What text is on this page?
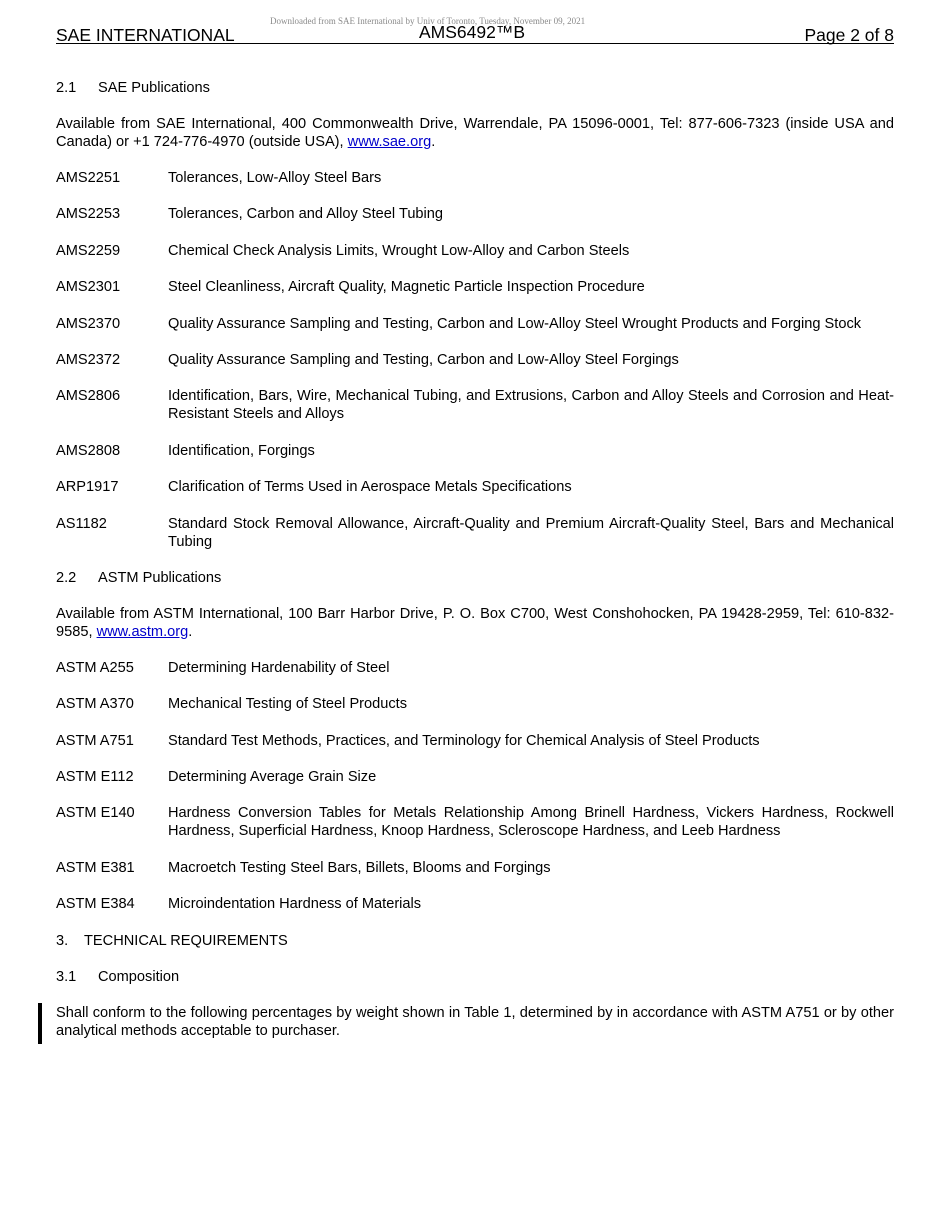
Downloaded from SAE International by Univ of Toronto, Tuesday, November 09, 2021
SAE INTERNATIONAL	AMS6492™B	Page 2 of 8
2.1 SAE Publications
Available from SAE International, 400 Commonwealth Drive, Warrendale, PA 15096-0001, Tel: 877-606-7323 (inside USA and Canada) or +1 724-776-4970 (outside USA), www.sae.org.
AMS2251	Tolerances, Low-Alloy Steel Bars
AMS2253	Tolerances, Carbon and Alloy Steel Tubing
AMS2259	Chemical Check Analysis Limits, Wrought Low-Alloy and Carbon Steels
AMS2301	Steel Cleanliness, Aircraft Quality, Magnetic Particle Inspection Procedure
AMS2370	Quality Assurance Sampling and Testing, Carbon and Low-Alloy Steel Wrought Products and Forging Stock
AMS2372	Quality Assurance Sampling and Testing, Carbon and Low-Alloy Steel Forgings
AMS2806	Identification, Bars, Wire, Mechanical Tubing, and Extrusions, Carbon and Alloy Steels and Corrosion and Heat-Resistant Steels and Alloys
AMS2808	Identification, Forgings
ARP1917	Clarification of Terms Used in Aerospace Metals Specifications
AS1182	Standard Stock Removal Allowance, Aircraft-Quality and Premium Aircraft-Quality Steel, Bars and Mechanical Tubing
2.2 ASTM Publications
Available from ASTM International, 100 Barr Harbor Drive, P. O. Box C700, West Conshohocken, PA 19428-2959, Tel: 610-832-9585, www.astm.org.
ASTM A255	Determining Hardenability of Steel
ASTM A370	Mechanical Testing of Steel Products
ASTM A751	Standard Test Methods, Practices, and Terminology for Chemical Analysis of Steel Products
ASTM E112	Determining Average Grain Size
ASTM E140	Hardness Conversion Tables for Metals Relationship Among Brinell Hardness, Vickers Hardness, Rockwell Hardness, Superficial Hardness, Knoop Hardness, Scleroscope Hardness, and Leeb Hardness
ASTM E381	Macroetch Testing Steel Bars, Billets, Blooms and Forgings
ASTM E384	Microindentation Hardness of Materials
3. TECHNICAL REQUIREMENTS
3.1 Composition
Shall conform to the following percentages by weight shown in Table 1, determined by in accordance with ASTM A751 or by other analytical methods acceptable to purchaser.
